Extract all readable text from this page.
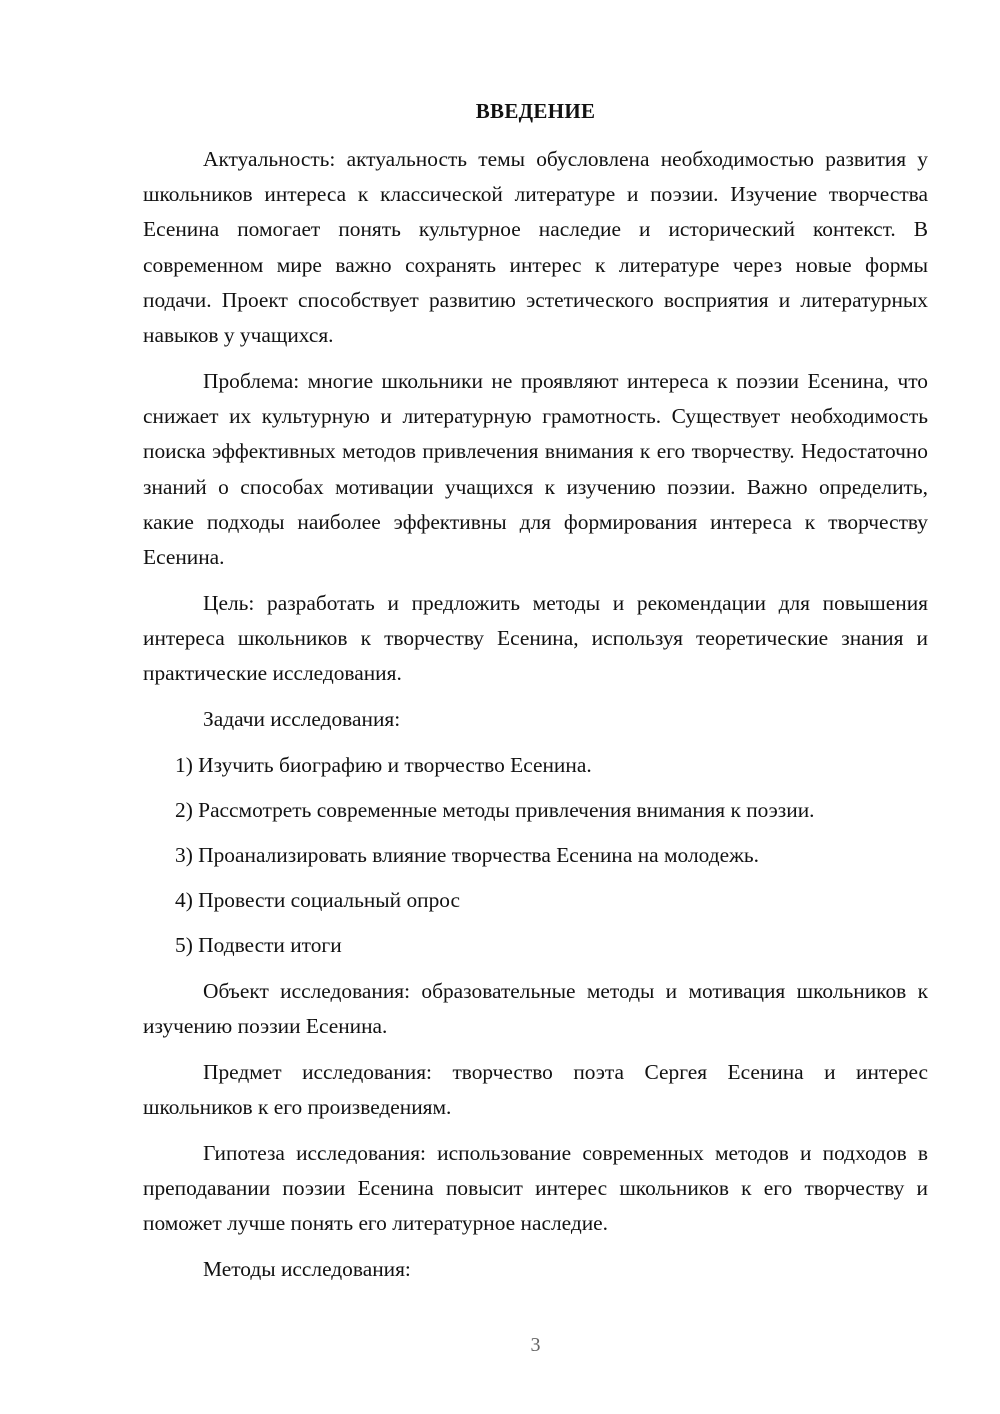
ВВЕДЕНИЕ

Актуальность: актуальность темы обусловлена необходимостью развития у школьников интереса к классической литературе и поэзии. Изучение творчества Есенина помогает понять культурное наследие и исторический контекст. В современном мире важно сохранять интерес к литературе через новые формы подачи. Проект способствует развитию эстетического восприятия и литературных навыков у учащихся.

Проблема: многие школьники не проявляют интереса к поэзии Есенина, что снижает их культурную и литературную грамотность. Существует необходимость поиска эффективных методов привлечения внимания к его творчеству. Недостаточно знаний о способах мотивации учащихся к изучению поэзии. Важно определить, какие подходы наиболее эффективны для формирования интереса к творчеству Есенина.

Цель: разработать и предложить методы и рекомендации для повышения интереса школьников к творчеству Есенина, используя теоретические знания и практические исследования.

Задачи исследования:

1) Изучить биографию и творчество Есенина.

2) Рассмотреть современные методы привлечения внимания к поэзии.

3) Проанализировать влияние творчества Есенина на молодежь.

4) Провести социальный опрос

5) Подвести итоги

Объект исследования: образовательные методы и мотивация школьников к изучению поэзии Есенина.

Предмет исследования: творчество поэта Сергея Есенина и интерес школьников к его произведениям.

Гипотеза исследования: использование современных методов и подходов в преподавании поэзии Есенина повысит интерес школьников к его творчеству и поможет лучше понять его литературное наследие.

Методы исследования:

3
